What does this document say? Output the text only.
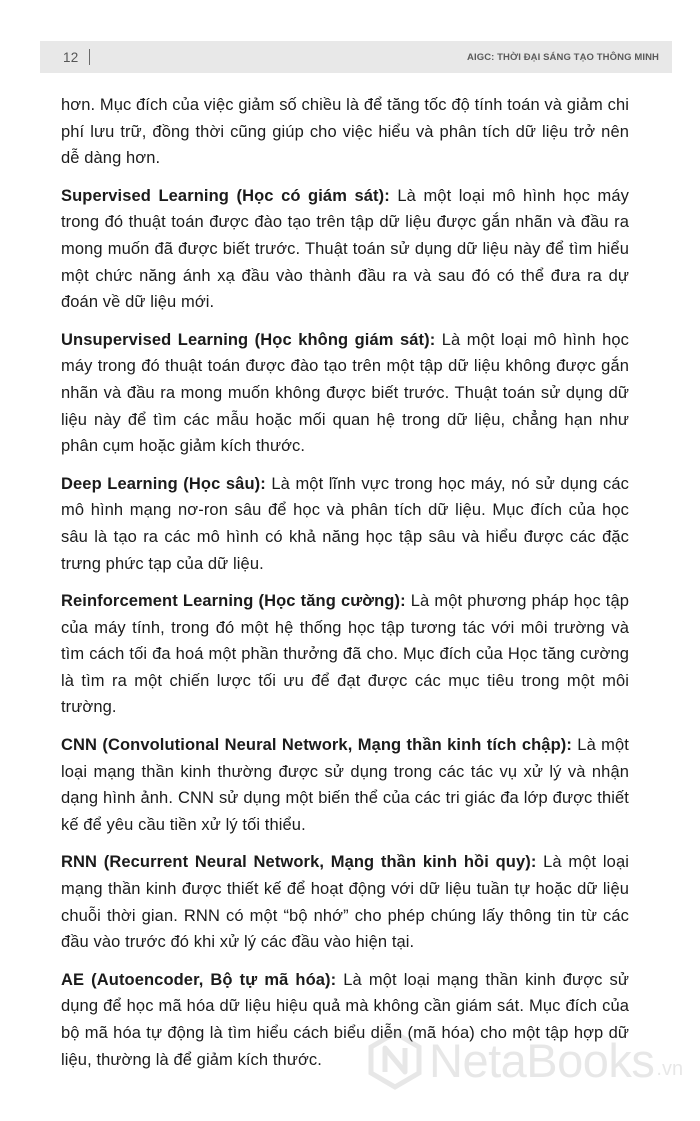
12	AIGC: THỜI ĐẠI SÁNG TẠO THÔNG MINH

hơn. Mục đích của việc giảm số chiều là để tăng tốc độ tính toán và giảm chi phí lưu trữ, đồng thời cũng giúp cho việc hiểu và phân tích dữ liệu trở nên dễ dàng hơn.

Supervised Learning (Học có giám sát): Là một loại mô hình học máy trong đó thuật toán được đào tạo trên tập dữ liệu được gắn nhãn và đầu ra mong muốn đã được biết trước. Thuật toán sử dụng dữ liệu này để tìm hiểu một chức năng ánh xạ đầu vào thành đầu ra và sau đó có thể đưa ra dự đoán về dữ liệu mới.

Unsupervised Learning (Học không giám sát): Là một loại mô hình học máy trong đó thuật toán được đào tạo trên một tập dữ liệu không được gắn nhãn và đầu ra mong muốn không được biết trước. Thuật toán sử dụng dữ liệu này để tìm các mẫu hoặc mối quan hệ trong dữ liệu, chẳng hạn như phân cụm hoặc giảm kích thước.

Deep Learning (Học sâu): Là một lĩnh vực trong học máy, nó sử dụng các mô hình mạng nơ-ron sâu để học và phân tích dữ liệu. Mục đích của học sâu là tạo ra các mô hình có khả năng học tập sâu và hiểu được các đặc trưng phức tạp của dữ liệu.

Reinforcement Learning (Học tăng cường): Là một phương pháp học tập của máy tính, trong đó một hệ thống học tập tương tác với môi trường và tìm cách tối đa hoá một phần thưởng đã cho. Mục đích của Học tăng cường là tìm ra một chiến lược tối ưu để đạt được các mục tiêu trong một môi trường.

CNN (Convolutional Neural Network, Mạng thần kinh tích chập): Là một loại mạng thần kinh thường được sử dụng trong các tác vụ xử lý và nhận dạng hình ảnh. CNN sử dụng một biến thể của các tri giác đa lớp được thiết kế để yêu cầu tiền xử lý tối thiểu.

RNN (Recurrent Neural Network, Mạng thần kinh hồi quy): Là một loại mạng thần kinh được thiết kế để hoạt động với dữ liệu tuần tự hoặc dữ liệu chuỗi thời gian. RNN có một “bộ nhớ” cho phép chúng lấy thông tin từ các đầu vào trước đó khi xử lý các đầu vào hiện tại.

AE (Autoencoder, Bộ tự mã hóa): Là một loại mạng thần kinh được sử dụng để học mã hóa dữ liệu hiệu quả mà không cần giám sát. Mục đích của bộ mã hóa tự động là tìm hiểu cách biểu diễn (mã hóa) cho một tập hợp dữ liệu, thường là để giảm kích thước.	NetaBooks .vn
